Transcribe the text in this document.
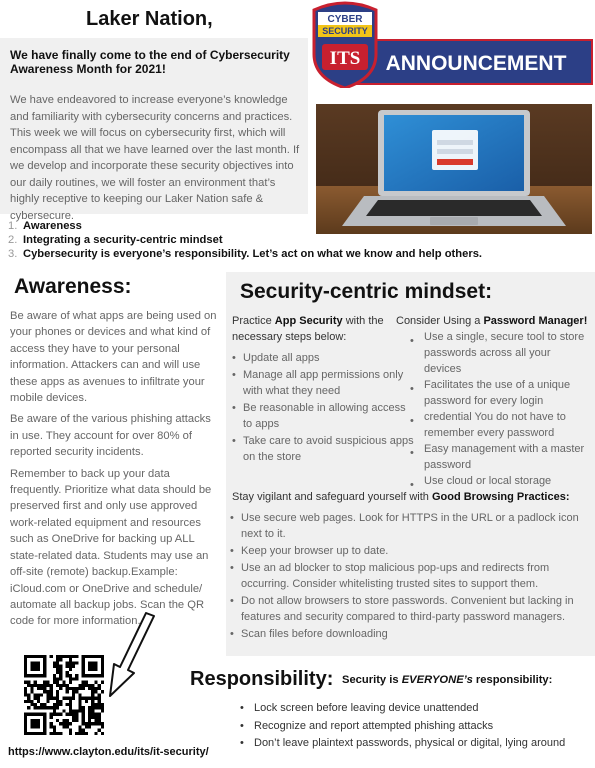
Laker Nation,
ANNOUNCEMENT
CYBER
SECURITY
ITS
We have finally come to the end of Cybersecurity Awareness Month for 2021!
We have endeavored to increase everyone’s knowledge and familiarity with cybersecurity concerns and practices. This week we will focus on cybersecurity first, which will encompass all that we have learned over the last month. If we develop and incorporate these security objectives into our daily routines, we will foster an environment that’s highly receptive to keeping our Laker Nation safe & cybersecure.
1. Awareness
2. Integrating a security-centric mindset
3. Cybersecurity is everyone’s responsibility. Let’s act on what we know and help others.
Awareness:

Be aware of what apps are being used on your phones or devices and what kind of access they have to your personal information. Attackers can and will use these apps as avenues to infiltrate your mobile devices.

Be aware of the various phishing attacks in use. They account for over 80% of reported security incidents.

Remember to back up your data frequently. Prioritize what data should be preserved first and only use approved work-related equipment and resources such as OneDrive for backing up ALL state-related data. Students may use an off-site (remote) backup.Example: iCloud.com or OneDrive and schedule/ automate all backup jobs. Scan the QR code for more information.

Security-centric mindset:
Practice App Security with the necessary steps below:
• Update all apps
• Manage all app permissions only with what they need
• Be reasonable in allowing access to apps
• Take care to avoid suspicious apps on the store
Consider Using a Password Manager!
• Use a single, secure tool to store passwords across all your devices
• Facilitates the use of a unique password for every login
• credential You do not have to remember every password
• Easy management with a master password
• Use cloud or local storage
Stay vigilant and safeguard yourself with Good Browsing Practices:
• Use secure web pages. Look for HTTPS in the URL or a padlock icon next to it.
• Keep your browser up to date.
• Use an ad blocker to stop malicious pop-ups and redirects from occurring. Consider whitelisting trusted sites to support them.
• Do not allow browsers to store passwords. Convenient but lacking in features and security compared to third-party password managers.
• Scan files before downloading
https://www.clayton.edu/its/it-security/
Responsibility: Security is EVERYONE’s responsibility:
• Lock screen before leaving device unattended
• Recognize and report attempted phishing attacks
• Don’t leave plaintext passwords, physical or digital, lying around
